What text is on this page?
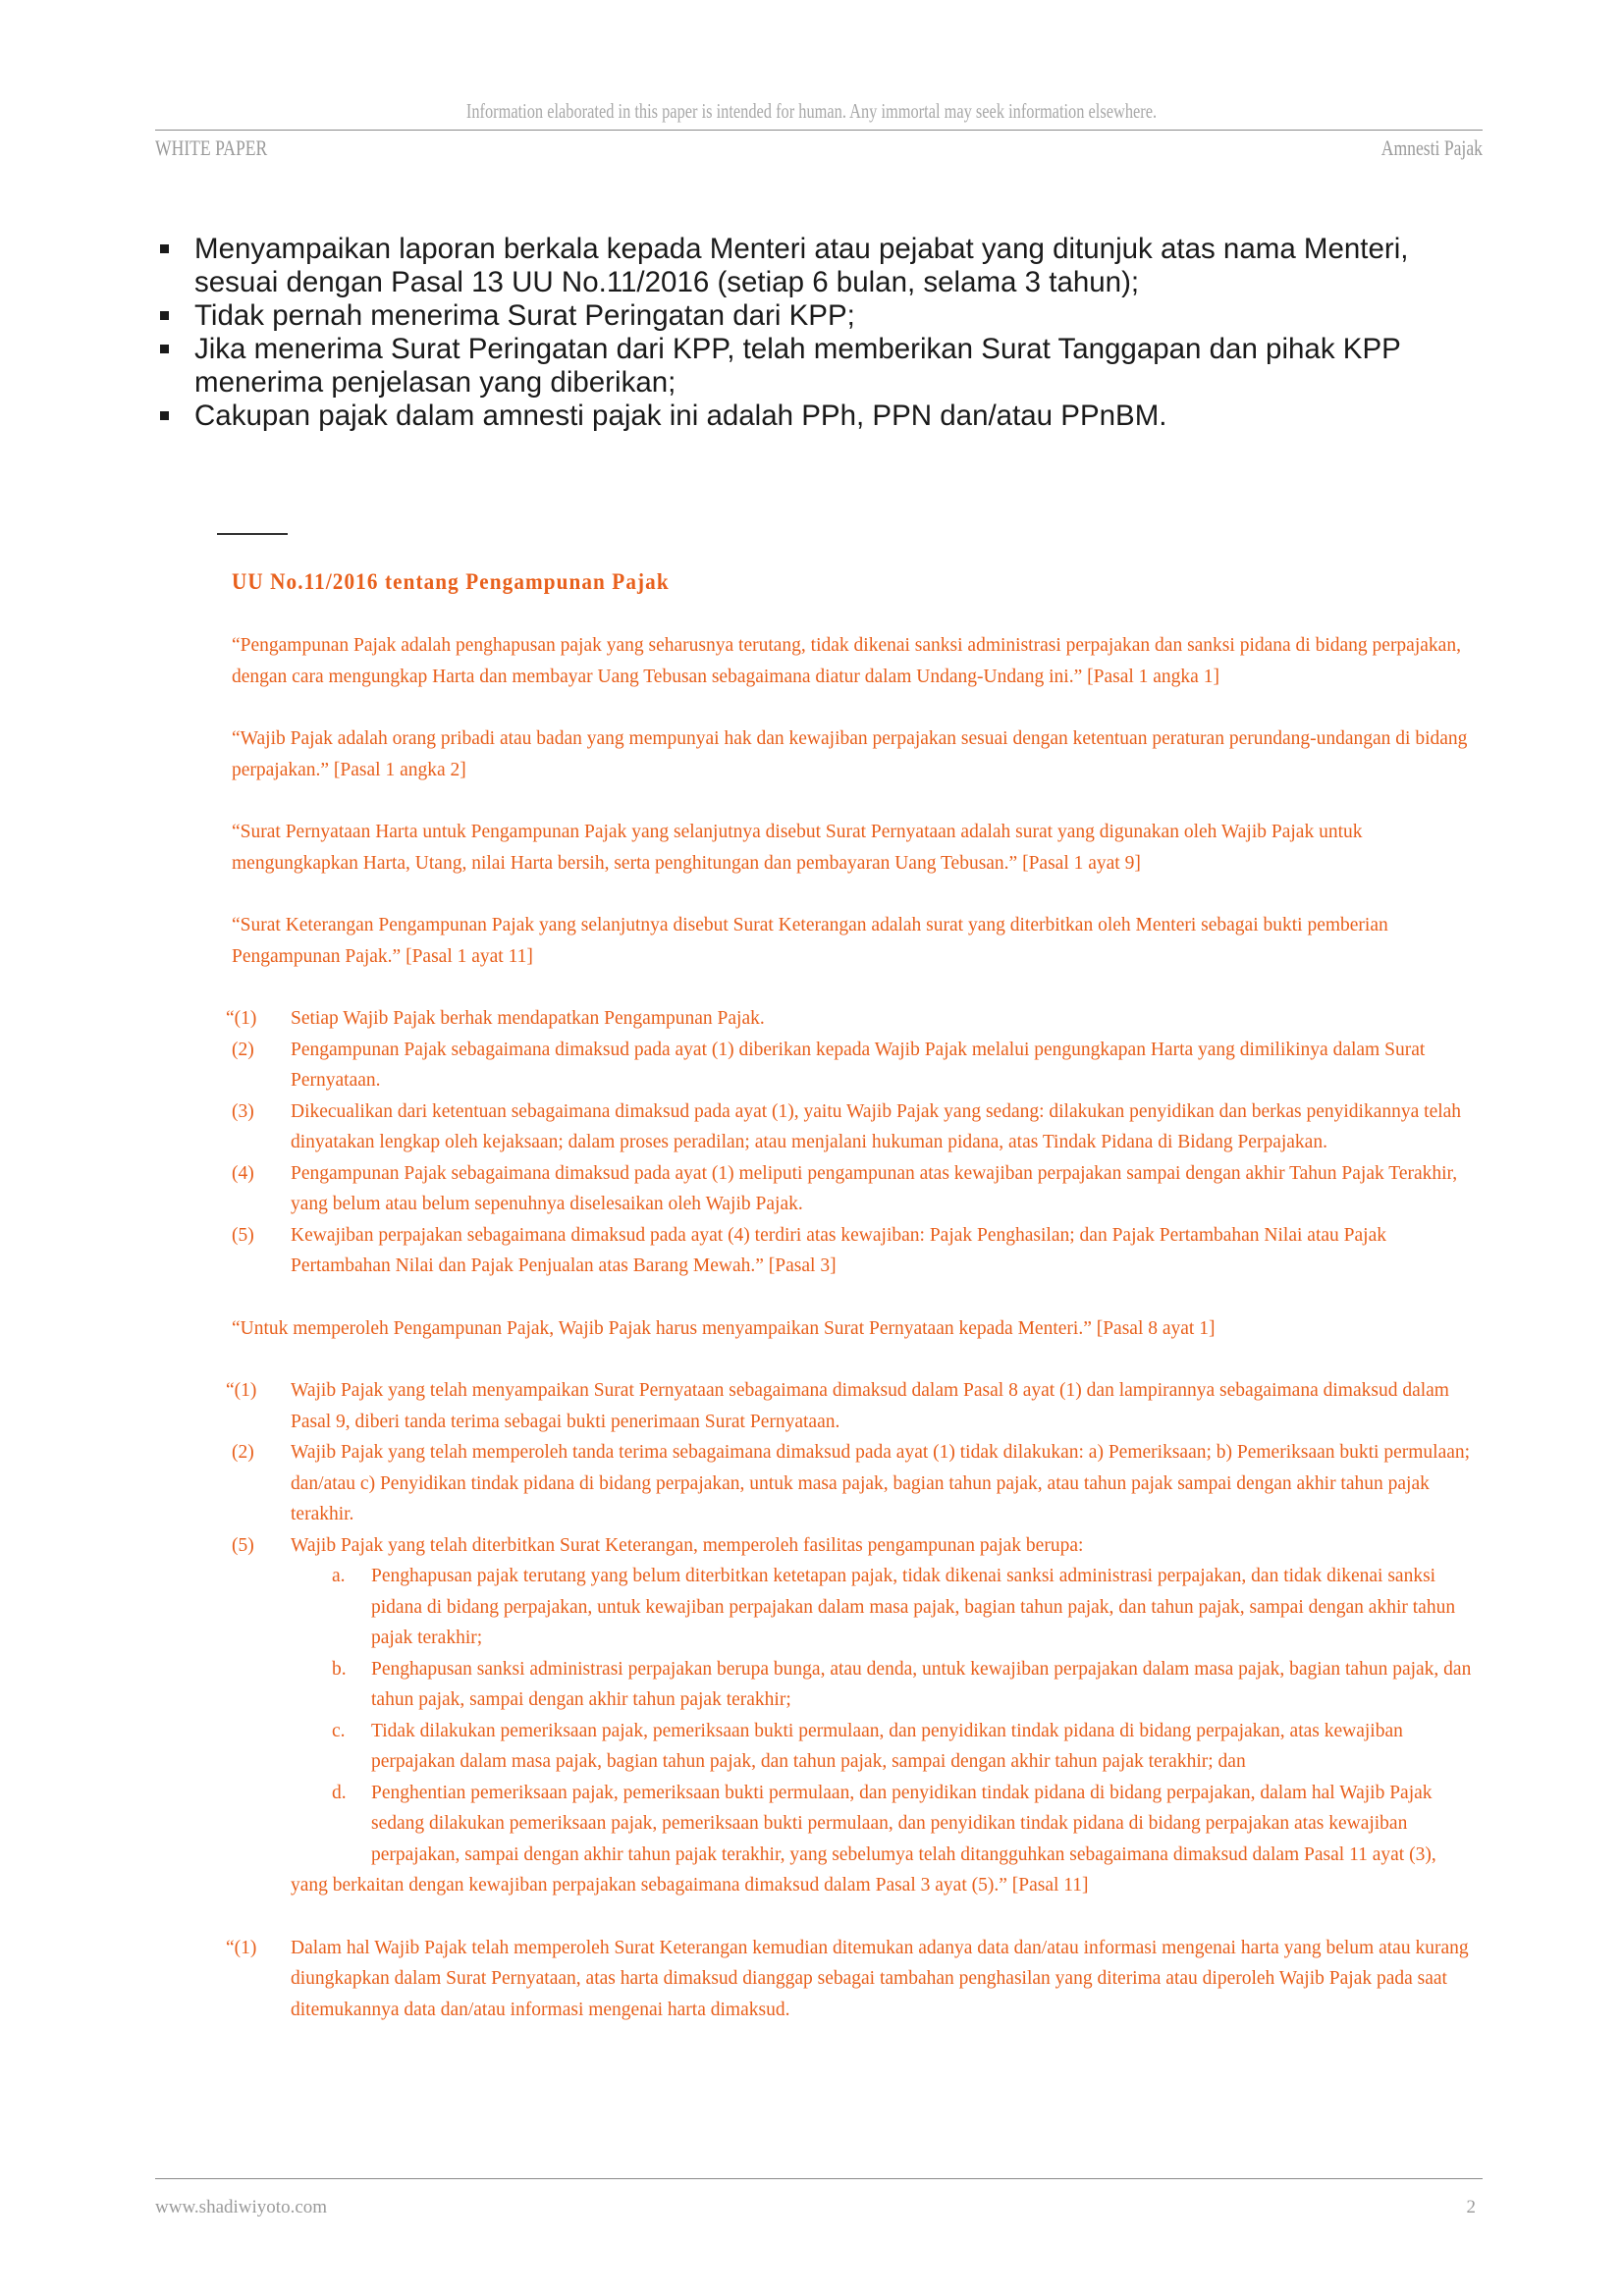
Information elaborated in this paper is intended for human. Any immortal may seek information elsewhere.
WHITE PAPER	Amnesti Pajak
Menyampaikan laporan berkala kepada Menteri atau pejabat yang ditunjuk atas nama Menteri, sesuai dengan Pasal 13 UU No.11/2016 (setiap 6 bulan, selama 3 tahun);
Tidak pernah menerima Surat Peringatan dari KPP;
Jika menerima Surat Peringatan dari KPP, telah memberikan Surat Tanggapan dan pihak KPP menerima penjelasan yang diberikan;
Cakupan pajak dalam amnesti pajak ini adalah PPh, PPN dan/atau PPnBM.
UU No.11/2016 tentang Pengampunan Pajak

“Pengampunan Pajak adalah penghapusan pajak yang seharusnya terutang, tidak dikenai sanksi administrasi perpajakan dan sanksi pidana di bidang perpajakan, dengan cara mengungkap Harta dan membayar Uang Tebusan sebagaimana diatur dalam Undang-Undang ini.” [Pasal 1 angka 1]

“Wajib Pajak adalah orang pribadi atau badan yang mempunyai hak dan kewajiban perpajakan sesuai dengan ketentuan peraturan perundang-undangan di bidang perpajakan.” [Pasal 1 angka 2]

“Surat Pernyataan Harta untuk Pengampunan Pajak yang selanjutnya disebut Surat Pernyataan adalah surat yang digunakan oleh Wajib Pajak untuk mengungkapkan Harta, Utang, nilai Harta bersih, serta penghitungan dan pembayaran Uang Tebusan.” [Pasal 1 ayat 9]

“Surat Keterangan Pengampunan Pajak yang selanjutnya disebut Surat Keterangan adalah surat yang diterbitkan oleh Menteri sebagai bukti pemberian Pengampunan Pajak.” [Pasal 1 ayat 11]

“(1)	Setiap Wajib Pajak berhak mendapatkan Pengampunan Pajak.
(2)	Pengampunan Pajak sebagaimana dimaksud pada ayat (1) diberikan kepada Wajib Pajak melalui pengungkapan Harta yang dimilikinya dalam Surat Pernyataan.
(3)	Dikecualikan dari ketentuan sebagaimana dimaksud pada ayat (1), yaitu Wajib Pajak yang sedang: dilakukan penyidikan dan berkas penyidikannya telah dinyatakan lengkap oleh kejaksaan; dalam proses peradilan; atau menjalani hukuman pidana, atas Tindak Pidana di Bidang Perpajakan.
(4)	Pengampunan Pajak sebagaimana dimaksud pada ayat (1) meliputi pengampunan atas kewajiban perpajakan sampai dengan akhir Tahun Pajak Terakhir, yang belum atau belum sepenuhnya diselesaikan oleh Wajib Pajak.
(5)	Kewajiban perpajakan sebagaimana dimaksud pada ayat (4) terdiri atas kewajiban: Pajak Penghasilan; dan Pajak Pertambahan Nilai atau Pajak Pertambahan Nilai dan Pajak Penjualan atas Barang Mewah.” [Pasal 3]

“Untuk memperoleh Pengampunan Pajak, Wajib Pajak harus menyampaikan Surat Pernyataan kepada Menteri.” [Pasal 8 ayat 1]

“(1)	Wajib Pajak yang telah menyampaikan Surat Pernyataan sebagaimana dimaksud dalam Pasal 8 ayat (1) dan lampirannya sebagaimana dimaksud dalam Pasal 9, diberi tanda terima sebagai bukti penerimaan Surat Pernyataan.
(2)	Wajib Pajak yang telah memperoleh tanda terima sebagaimana dimaksud pada ayat (1) tidak dilakukan: a) Pemeriksaan; b) Pemeriksaan bukti permulaan; dan/atau c) Penyidikan tindak pidana di bidang perpajakan, untuk masa pajak, bagian tahun pajak, atau tahun pajak sampai dengan akhir tahun pajak terakhir.
(5)	Wajib Pajak yang telah diterbitkan Surat Keterangan, memperoleh fasilitas pengampunan pajak berupa:
a.	Penghapusan pajak terutang yang belum diterbitkan ketetapan pajak, tidak dikenai sanksi administrasi perpajakan, dan tidak dikenai sanksi pidana di bidang perpajakan, untuk kewajiban perpajakan dalam masa pajak, bagian tahun pajak, dan tahun pajak, sampai dengan akhir tahun pajak terakhir;
b.	Penghapusan sanksi administrasi perpajakan berupa bunga, atau denda, untuk kewajiban perpajakan dalam masa pajak, bagian tahun pajak, dan tahun pajak, sampai dengan akhir tahun pajak terakhir;
c.	Tidak dilakukan pemeriksaan pajak, pemeriksaan bukti permulaan, dan penyidikan tindak pidana di bidang perpajakan, atas kewajiban perpajakan dalam masa pajak, bagian tahun pajak, dan tahun pajak, sampai dengan akhir tahun pajak terakhir; dan
d.	Penghentian pemeriksaan pajak, pemeriksaan bukti permulaan, dan penyidikan tindak pidana di bidang perpajakan, dalam hal Wajib Pajak sedang dilakukan pemeriksaan pajak, pemeriksaan bukti permulaan, dan penyidikan tindak pidana di bidang perpajakan atas kewajiban perpajakan, sampai dengan akhir tahun pajak terakhir, yang sebelumya telah ditangguhkan sebagaimana dimaksud dalam Pasal 11 ayat (3),
yang berkaitan dengan kewajiban perpajakan sebagaimana dimaksud dalam Pasal 3 ayat (5).” [Pasal 11]
“(1)	Dalam hal Wajib Pajak telah memperoleh Surat Keterangan kemudian ditemukan adanya data dan/atau informasi mengenai harta yang belum atau kurang diungkapkan dalam Surat Pernyataan, atas harta dimaksud dianggap sebagai tambahan penghasilan yang diterima atau diperoleh Wajib Pajak pada saat ditemukannya data dan/atau informasi mengenai harta dimaksud.
www.shadiwiyoto.com	2
